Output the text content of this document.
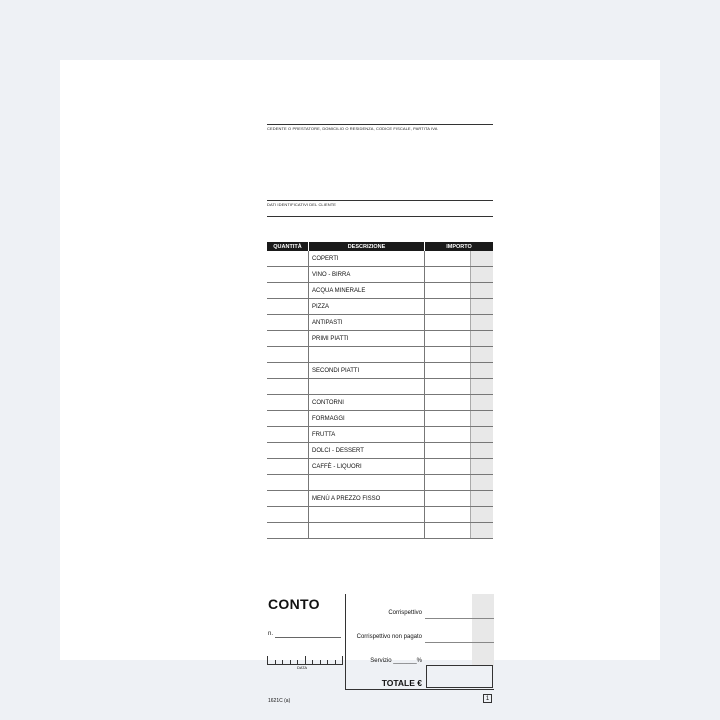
CEDENTE O PRESTATORE, DOMICILIO O RESIDENZA, CODICE FISCALE, PARTITA IVA
DATI IDENTIFICATIVI DEL CLIENTE
QUANTITÀ	DESCRIZIONE	IMPORTO
COPERTI
VINO - BIRRA
ACQUA MINERALE
PIZZA
ANTIPASTI
PRIMI PIATTI
SECONDI PIATTI
CONTORNI
FORMAGGI
FRUTTA
DOLCI - DESSERT
CAFFÈ - LIQUORI
MENÙ A PREZZO FISSO
CONTO
n.
DATA
Corrispettivo
Corrispettivo non pagato
Servizio _______%
TOTALE €
1621C (a)	1
